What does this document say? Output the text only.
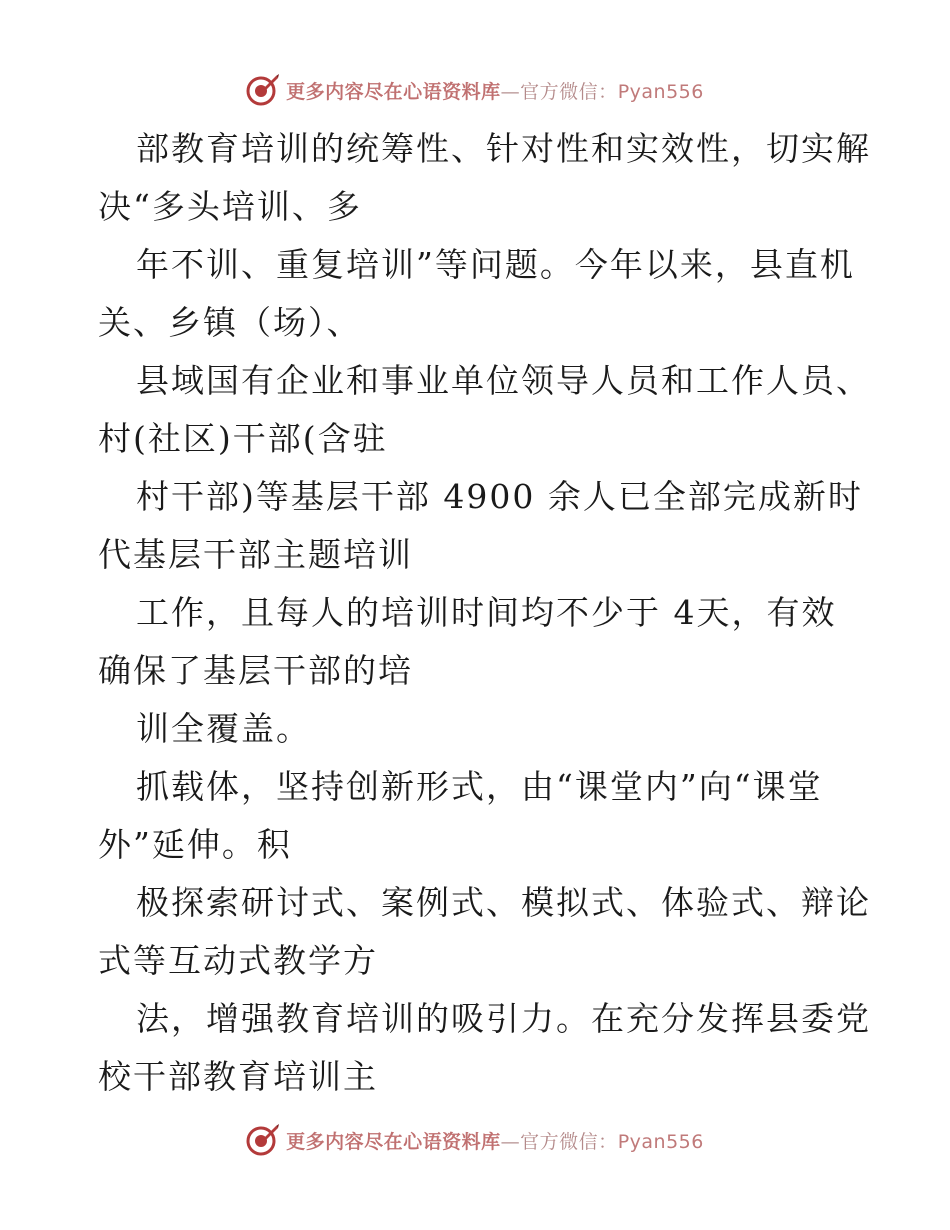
更多内容尽在心语资料库—官方微信：Pyan556
部教育培训的统筹性、针对性和实效性，切实解
决“多头培训、多
年不训、重复培训”等问题。今年以来，县直机
关、乡镇（场）、
县域国有企业和事业单位领导人员和工作人员、
村(社区)干部(含驻
村干部)等基层干部 4900 余人已全部完成新时
代基层干部主题培训
工作，且每人的培训时间均不少于 4天，有效
确保了基层干部的培
训全覆盖。
抓载体，坚持创新形式，由“课堂内”向“课堂
外”延伸。积
极探索研讨式、案例式、模拟式、体验式、辩论
式等互动式教学方
法，增强教育培训的吸引力。在充分发挥县委党
校干部教育培训主
更多内容尽在心语资料库—官方微信：Pyan556
